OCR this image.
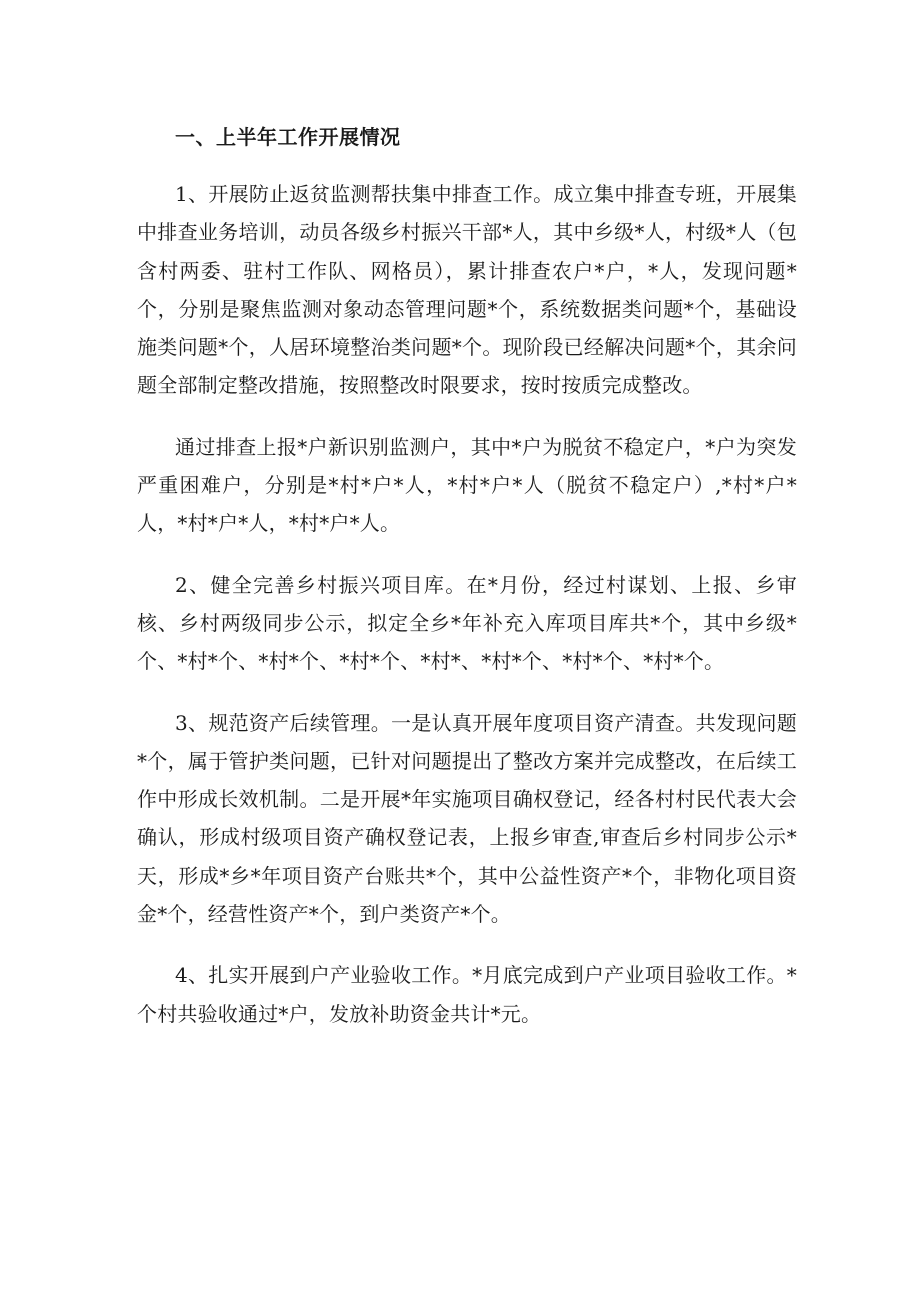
一、上半年工作开展情况

1、开展防止返贫监测帮扶集中排查工作。成立集中排查专班，开展集中排查业务培训，动员各级乡村振兴干部*人，其中乡级*人，村级*人（包含村两委、驻村工作队、网格员），累计排查农户*户，*人，发现问题*个，分别是聚焦监测对象动态管理问题*个，系统数据类问题*个，基础设施类问题*个，人居环境整治类问题*个。现阶段已经解决问题*个，其余问题全部制定整改措施，按照整改时限要求，按时按质完成整改。

通过排查上报*户新识别监测户，其中*户为脱贫不稳定户，*户为突发严重困难户，分别是*村*户*人，*村*户*人（脱贫不稳定户）,*村*户*人，*村*户*人，*村*户*人。

2、健全完善乡村振兴项目库。在*月份，经过村谋划、上报、乡审核、乡村两级同步公示，拟定全乡*年补充入库项目库共*个，其中乡级*个、*村*个、*村*个、*村*个、*村*、*村*个、*村*个、*村*个。

3、规范资产后续管理。一是认真开展年度项目资产清查。共发现问题*个，属于管护类问题，已针对问题提出了整改方案并完成整改，在后续工作中形成长效机制。二是开展*年实施项目确权登记，经各村村民代表大会确认，形成村级项目资产确权登记表，上报乡审查,审查后乡村同步公示*天，形成*乡*年项目资产台账共*个，其中公益性资产*个，非物化项目资金*个，经营性资产*个，到户类资产*个。

4、扎实开展到户产业验收工作。*月底完成到户产业项目验收工作。*个村共验收通过*户，发放补助资金共计*元。
